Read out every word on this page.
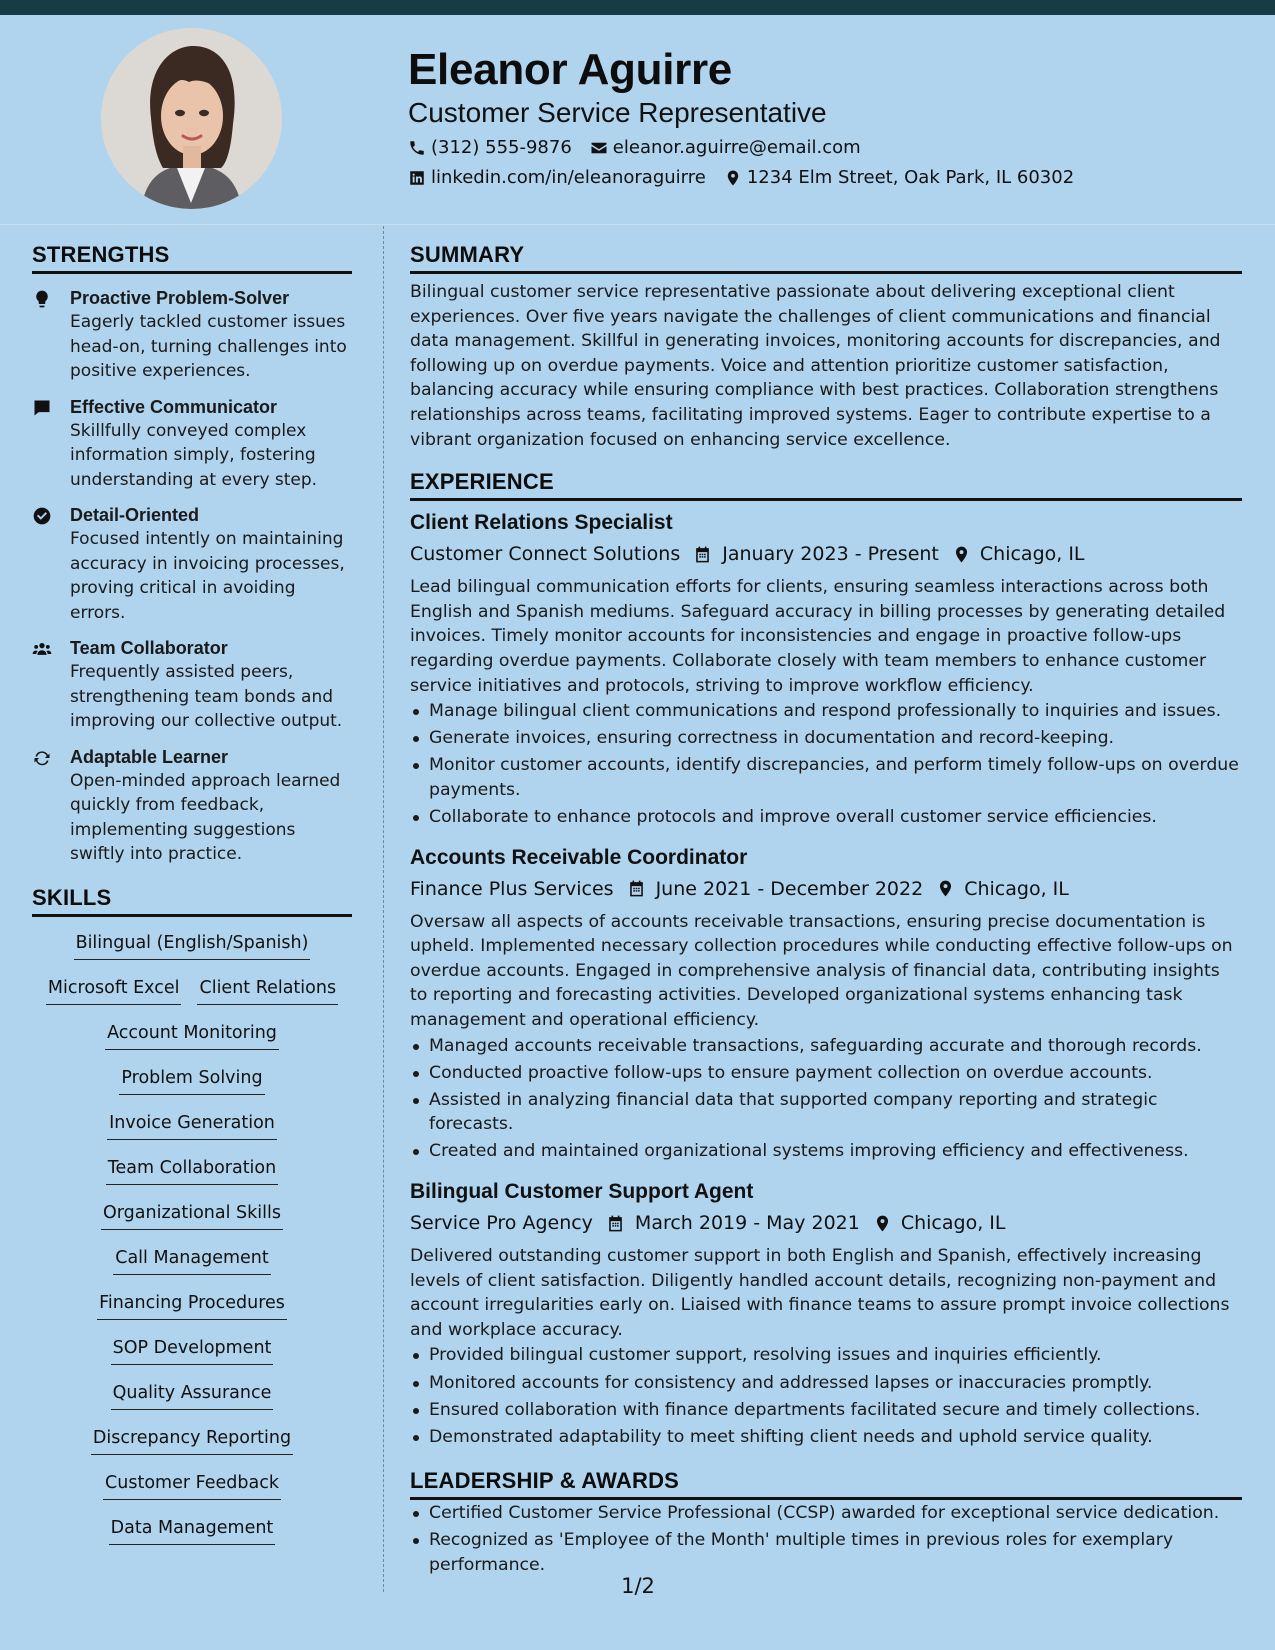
Eleanor Aguirre
Customer Service Representative
(312) 555-9876 eleanor.aguirre@email.com
linkedin.com/in/eleanoraguirre 1234 Elm Street, Oak Park, IL 60302
STRENGTHS
Proactive Problem-Solver
Eagerly tackled customer issues head-on, turning challenges into positive experiences.
Effective Communicator
Skillfully conveyed complex information simply, fostering understanding at every step.
Detail-Oriented
Focused intently on maintaining accuracy in invoicing processes, proving critical in avoiding errors.
Team Collaborator
Frequently assisted peers, strengthening team bonds and improving our collective output.
Adaptable Learner
Open-minded approach learned quickly from feedback, implementing suggestions swiftly into practice.
SKILLS
Bilingual (English/Spanish)
Microsoft Excel Client Relations
Account Monitoring
Problem Solving
Invoice Generation
Team Collaboration
Organizational Skills
Call Management
Financing Procedures
SOP Development
Quality Assurance
Discrepancy Reporting
Customer Feedback
Data Management
SUMMARY
Bilingual customer service representative passionate about delivering exceptional client experiences. Over five years navigate the challenges of client communications and financial data management. Skillful in generating invoices, monitoring accounts for discrepancies, and following up on overdue payments. Voice and attention prioritize customer satisfaction, balancing accuracy while ensuring compliance with best practices. Collaboration strengthens relationships across teams, facilitating improved systems. Eager to contribute expertise to a vibrant organization focused on enhancing service excellence.
EXPERIENCE
Client Relations Specialist
Customer Connect Solutions January 2023 - Present Chicago, IL
Lead bilingual communication efforts for clients, ensuring seamless interactions across both English and Spanish mediums. Safeguard accuracy in billing processes by generating detailed invoices. Timely monitor accounts for inconsistencies and engage in proactive follow-ups regarding overdue payments. Collaborate closely with team members to enhance customer service initiatives and protocols, striving to improve workflow efficiency.
Manage bilingual client communications and respond professionally to inquiries and issues.
Generate invoices, ensuring correctness in documentation and record-keeping.
Monitor customer accounts, identify discrepancies, and perform timely follow-ups on overdue payments.
Collaborate to enhance protocols and improve overall customer service efficiencies.
Accounts Receivable Coordinator
Finance Plus Services June 2021 - December 2022 Chicago, IL
Oversaw all aspects of accounts receivable transactions, ensuring precise documentation is upheld. Implemented necessary collection procedures while conducting effective follow-ups on overdue accounts. Engaged in comprehensive analysis of financial data, contributing insights to reporting and forecasting activities. Developed organizational systems enhancing task management and operational efficiency.
Managed accounts receivable transactions, safeguarding accurate and thorough records.
Conducted proactive follow-ups to ensure payment collection on overdue accounts.
Assisted in analyzing financial data that supported company reporting and strategic forecasts.
Created and maintained organizational systems improving efficiency and effectiveness.
Bilingual Customer Support Agent
Service Pro Agency March 2019 - May 2021 Chicago, IL
Delivered outstanding customer support in both English and Spanish, effectively increasing levels of client satisfaction. Diligently handled account details, recognizing non-payment and account irregularities early on. Liaised with finance teams to assure prompt invoice collections and workplace accuracy.
Provided bilingual customer support, resolving issues and inquiries efficiently.
Monitored accounts for consistency and addressed lapses or inaccuracies promptly.
Ensured collaboration with finance departments facilitated secure and timely collections.
Demonstrated adaptability to meet shifting client needs and uphold service quality.
LEADERSHIP & AWARDS
Certified Customer Service Professional (CCSP) awarded for exceptional service dedication.
Recognized as 'Employee of the Month' multiple times in previous roles for exemplary performance.
1/2
